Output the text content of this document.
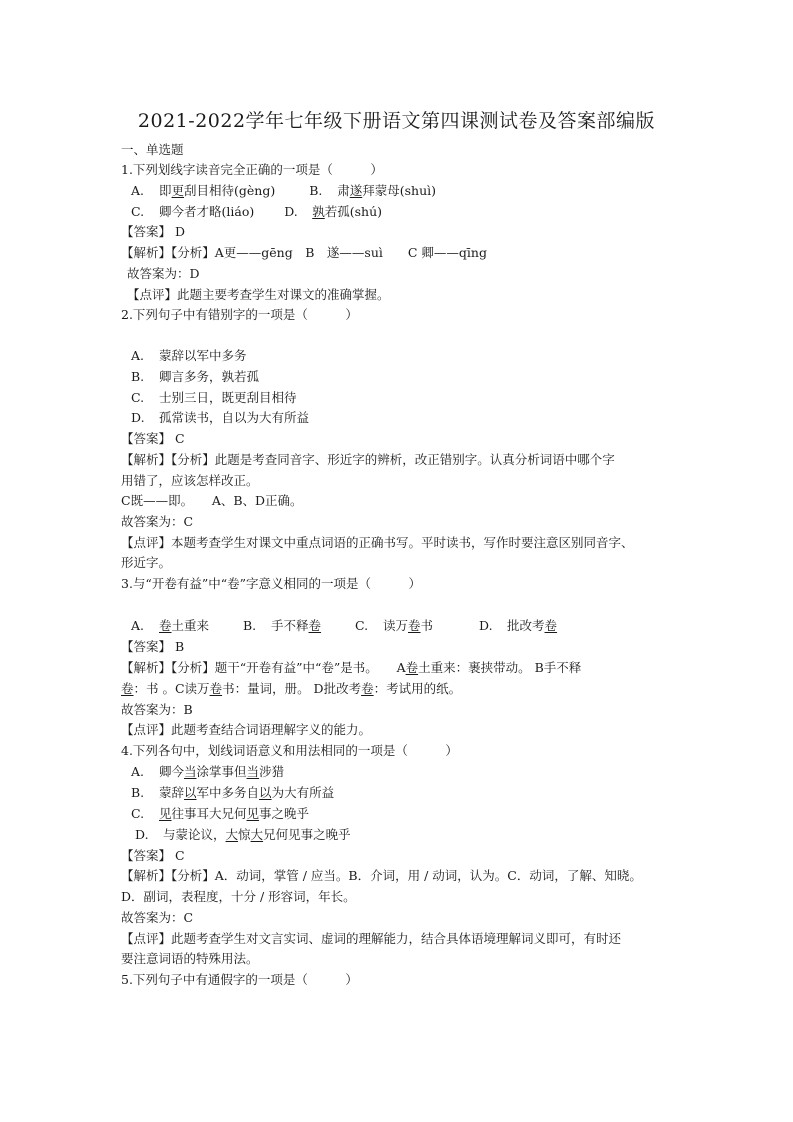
2021-2022学年七年级下册语文第四课测试卷及答案部编版
一、单选题
1.下列划线字读音完全正确的一项是（　　　）
A. 即更刮目相待(gèng)	B. 肃遂拜蒙母(shuì)
C. 卿今者才略(liáo) D. 孰若孤(shú)
【答案】 D
【解析】【分析】A更——gēng　B　遂——suì　　C 卿——qīng
故答案为：D
【点评】此题主要考查学生对课文的准确掌握。
2.下列句子中有错别字的一项是（　　　）
A. 蒙辞以军中多务
B. 卿言多务，孰若孤
C. 士别三日，既更刮目相待
D. 孤常读书，自以为大有所益
【答案】 C
【解析】【分析】此题是考查同音字、形近字的辨析，改正错别字。认真分析词语中哪个字
用错了，应该怎样改正。
C既——即。　　A、B、D正确。
故答案为：C
【点评】本题考查学生对课文中重点词语的正确书写。平时读书，写作时要注意区别同音字、
形近字。
3.与“开卷有益”中“卷”字意义相同的一项是（　　　）
A. 卷土重来	B. 手不释卷	C. 读万卷书	D. 批改考卷
【答案】 B
【解析】【分析】题干“开卷有益”中“卷”是书。　　A卷土重来：裹挟带动。 B手不释
卷：书 。C读万卷书：量词，册。 D批改考卷：考试用的纸。
故答案为：B
【点评】此题考查结合词语理解字义的能力。
4.下列各句中，划线词语意义和用法相同的一项是（　　　）
A. 卿今当涂掌事但当涉猎
B. 蒙辞以军中多务自以为大有所益
C. 见往事耳大兄何见事之晚乎
D. 与蒙论议，大惊大兄何见事之晚乎
【答案】 C
【解析】【分析】A．动词，掌管 / 应当。B．介词，用 / 动词，认为。C．动词，了解、知晓。
D．副词，表程度，十分 / 形容词，年长。
故答案为：C
【点评】此题考查学生对文言实词、虚词的理解能力，结合具体语境理解词义即可，有时还
要注意词语的特殊用法。
5.下列句子中有通假字的一项是（　　　）
